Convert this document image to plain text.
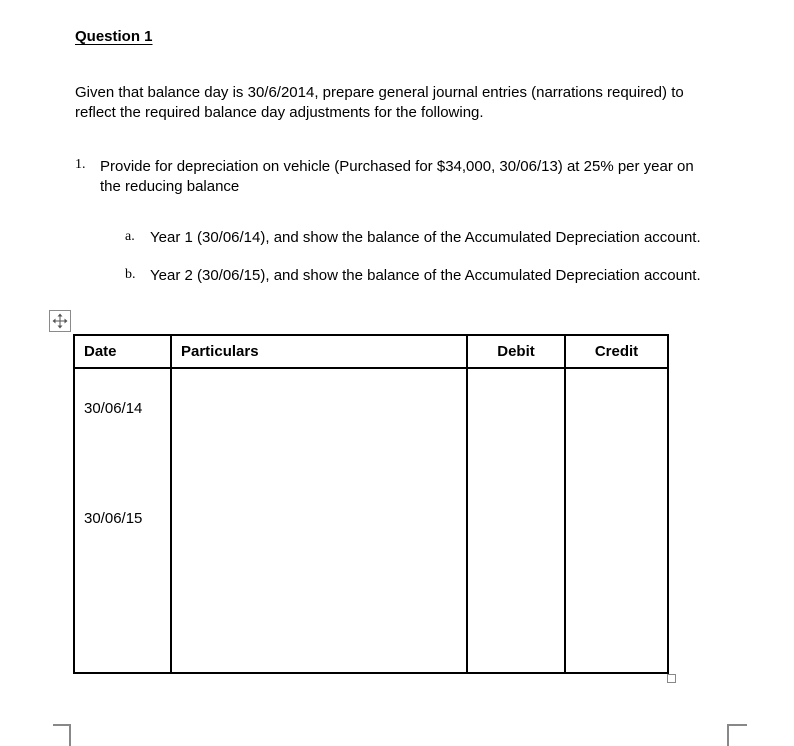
Question 1
Given that balance day is 30/6/2014, prepare general journal entries (narrations required) to reflect the required balance day adjustments for the following.
1. Provide for depreciation on vehicle (Purchased for $34,000, 30/06/13) at 25% per year on the reducing balance
a. Year 1 (30/06/14), and show the balance of the Accumulated Depreciation account.
b. Year 2 (30/06/15), and show the balance of the Accumulated Depreciation account.
Date	Particulars	Debit	Credit

30/06/14
30/06/15			
